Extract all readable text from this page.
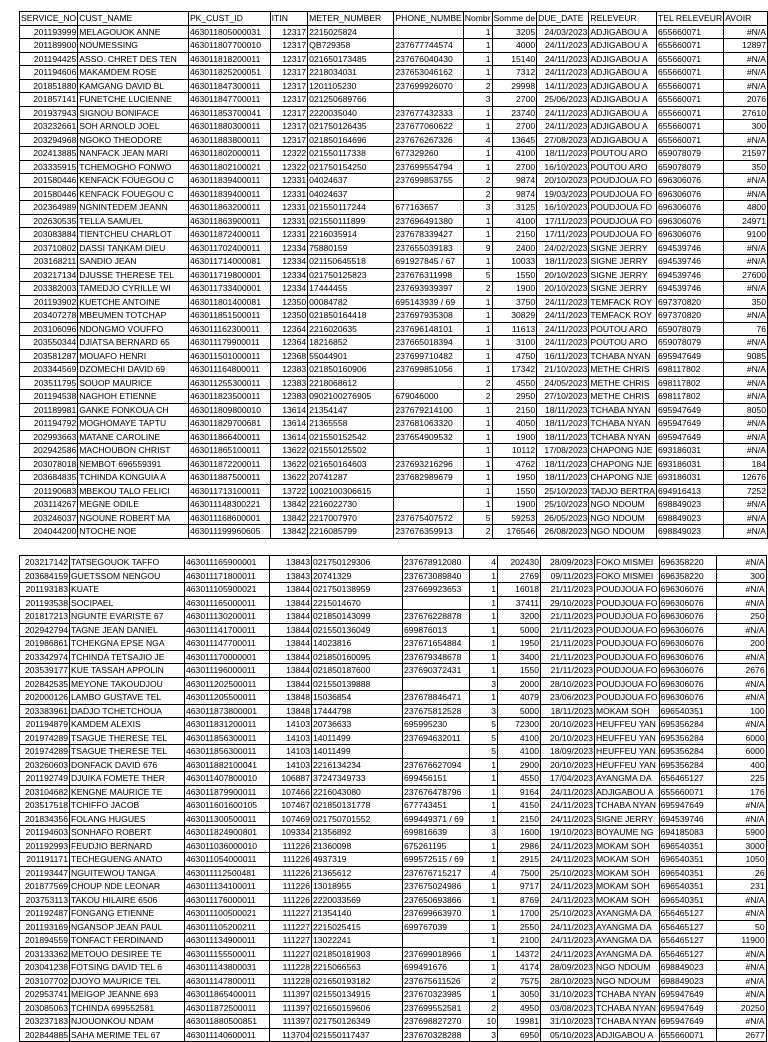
SERVICE_NO	CUST_NAME	PK_CUST_ID	ITIN	METER_NUMBER	PHONE_NUMBE	Nombr	Somme de	DUE_DATE	RELEVEUR	TEL RELEVEUR	AVOIR
201193999	MELAGOUOK ANNE	463011805000031	12317	2215025824		1	3205	24/03/2023	ADJIGABOU A	655660071	#N/A
201189900	NOUMESSING	463011807700010	12317	QB729358	237677744574	1	4000	24/11/2023	ADJIGABOU A	655660071	12897
201194425	ASSO. CHRET DES TEN	463011818200011	12317	021650173485	237676040430	1	15140	24/11/2023	ADJIGABOU A	655660071	#N/A
201194606	MAKAMDEM ROSE	463011825200051	12317	2218034031	237653046162	1	7312	24/11/2023	ADJIGABOU A	655660071	#N/A
201851880	KAMGANG DAVID BL	463011847300011	12317	1201105230	237699926070	2	29998	14/11/2023	ADJIGABOU A	655660071	#N/A
201857141	FUNETCHE LUCIENNE	463011847700011	12317	021250689766		3	2700	25/06/2023	ADJIGABOU A	655660071	2076
201937943	SIGNOU BONIFACE	463011853700041	12317	2220035040	237677432333	1	23740	24/11/2023	ADJIGABOU A	655660071	27610
203232661	SOH ARNOLD JOEL	463011880300011	12317	021750126435	237677060622	1	2700	24/11/2023	ADJIGABOU A	655660071	300
203294968	NGOKO THEODORE	463011883800011	12317	021850164696	237676267326	4	13645	27/08/2023	ADJIGABOU A	655660071	#N/A
202413885	NANFACK JEAN MARI	463011802000011	12322	021550117338	677329260	1	4100	18/11/2023	POUTOU ARO	659078079	21597
203335915	TCHEMOGHO FONWO	463011802100021	12322	021750154250	237699554794	1	2700	16/10/2023	POUTOU ARO	659078079	350
201580446	KENFACK FOUEGOU C	463011839400011	12331	04024637	237699853755	2	9874	20/10/2023	POUDJOUA FO	696306076	#N/A
201580446	KENFACK FOUEGOU C	463011839400011	12331	04024637		2	9874	19/03/2023	POUDJOUA FO	696306076	#N/A
202364989	NGNINTEDEM JEANN	463011863200011	12331	021550117244	677163657	3	3125	16/10/2023	POUDJOUA FO	696306076	4800
202630535	TELLA SAMUEL	463011863900011	12331	021550111899	237696491380	1	4100	17/11/2023	POUDJOUA FO	696306076	24971
203083884	TIENTCHEU CHARLOT	463011872400011	12331	2216035914	237678339427	1	2150	17/11/2023	POUDJOUA FO	696306076	9100
203710802	DASSI TANKAM DIEU	463011702400011	12334	75880159	237655039183	9	2400	24/02/2023	SIGNE JERRY	694539746	#N/A
203168211	SANDIO JEAN	463011714000081	12334	021150645518	691927845 / 67	1	10033	18/11/2023	SIGNE JERRY	694539746	#N/A
203217134	DJUSSE THERESE TEL	463011719800001	12334	021750125823	237676311998	5	1550	20/10/2023	SIGNE JERRY	694539746	27600
203382003	TAMEDJO CYRILLE WI	463011733400001	12334	17444455	237693939397	2	1900	20/10/2023	SIGNE JERRY	694539746	#N/A
201193902	KUETCHE ANTOINE	463011801400081	12350	00084782	695143939 / 69	1	3750	24/11/2023	TEMFACK ROY	697370820	350
203407278	MBEUMEN TOTCHAP	463011851500011	12350	021850164418	237697935308	1	30829	24/11/2023	TEMFACK ROY	697370820	#N/A
203106096	NDONGMO VOUFFO	463011162300011	12364	2216020635	237696148101	1	11613	24/11/2023	POUTOU ARO	659078079	76
203550344	DJIATSA BERNARD 65	463011179900011	12364	18216852	237665018394	1	3100	24/11/2023	POUTOU ARO	659078079	#N/A
203581287	MOUAFO HENRI	463011501000011	12368	55044901	237699710482	1	4750	16/11/2023	TCHABA NYAN	695947649	9085
203344569	DZOMECHI DAVID 69	463011164800011	12383	021850160906	237699851056	1	17342	21/10/2023	METHE CHRIS	698117802	#N/A
203511795	SOUOP MAURICE	463011255300011	12383	2218068612		2	4550	24/05/2023	METHE CHRIS	698117802	#N/A
201194538	NAGHOH ETIENNE	463011823500011	12383	0902100276905	679046000	2	2950	27/10/2023	METHE CHRIS	698117802	#N/A
201189981	GANKE FONKOUA CH	463011809800010	13614	21354147	237679214100	1	2150	18/11/2023	TCHABA NYAN	695947649	8050
201194792	MOGHOMAYE TAPTU	463011829700681	13614	21365558	237681063320	1	4050	18/11/2023	TCHABA NYAN	695947649	#N/A
202993663	MATANE CAROLINE	463011866400011	13614	021550152542	237654909532	1	1900	18/11/2023	TCHABA NYAN	695947649	#N/A
202942586	MACHOUBON CHRIST	463011865100011	13622	021550125502		1	10112	17/08/2023	CHAPONG NJE	693186031	#N/A
203078018	NEMBOT 696559391	463011872200011	13622	021650164603	237693216296	1	4762	18/11/2023	CHAPONG NJE	693186031	184
203684835	TCHINDA KONGUIA A	463011887500011	13622	20741287	237682989679	1	1950	18/11/2023	CHAPONG NJE	693186031	12676
201190683	MBEKOU TALO FELICI	463011713100011	13722	1002100306615		1	1550	25/10/2023	TADJO BERTRA	694916413	7252
203114267	MEGNE ODILE	463011148300221	13842	2216022730		1	1900	25/10/2023	NGO NDOUM	698849023	#N/A
203246037	NGOUNE ROBERT MA	463011168600001	13842	2217007970	237675407572	5	59253	26/05/2023	NGO NDOUM	698849023	#N/A
204044200	NTOCHE NOE	463011199960605	13842	2216085799	237676359913	2	176546	26/08/2023	NGO NDOUM	698849023	#N/A
203217142	TATSEGOUOK TAFFO	463011165900001	13843	021750129306	237678912080	4	202430	28/09/2023	FOKO MISMEI	696358220	#N/A
203684159	GUETSSOM NENGOU	463011171800011	13843	20741329	237673089840	1	2769	09/11/2023	FOKO MISMEI	696358220	300
201193183	KUATE	463011105900021	13844	021750138959	237669923653	1	16018	21/11/2023	POUDJOUA FO	696306076	#N/A
201193538	SOCIPAEL	463011165000011	13844	2215014670		1	37411	29/10/2023	POUDJOUA FO	696306076	#N/A
201817213	NGUNTE EVARISTE 67	463011130200011	13844	021850143099	237676228878	1	3200	21/11/2023	POUDJOUA FO	696306076	250
202942794	TAGNE JEAN DANIEL	463011141700011	13844	021550136049	699876013	1	5000	21/11/2023	POUDJOUA FO	696306076	#N/A
201986861	TCHEKGNA EPSE NGA	463011147700011	13844	14023816	237671654884	1	1950	21/11/2023	POUDJOUA FO	696306076	200
203342974	TCHINDA TETSAJIO JE	463011170000001	13844	021850160095	237679348678	1	3400	21/11/2023	POUDJOUA FO	696306076	#N/A
203539177	KUE TASSAH APPOLIN	463011196000011	13844	021850187600	237690372431	1	1550	21/11/2023	POUDJOUA FO	696306076	2676
202842535	MEYONE TAKOUDJOU	463011202500011	13844	021550139888		3	2000	28/10/2023	POUDJOUA FO	696306076	#N/A
202000126	LAMBO GUSTAVE TEL	463011205500011	13848	15036854	237678846471	1	4079	23/06/2023	POUDJOUA FO	696306076	#N/A
203383961	DADJO TCHETCHOUA	463011873800001	13848	17444798	237675812528	3	5000	18/11/2023	MOKAM SOH	696540351	100
201194879	KAMDEM ALEXIS	463011831200011	14103	20736633	695995230	5	72300	20/10/2023	HEUFFEU YAN	695356284	#N/A
201974289	TSAGUE THERESE TEL	463011856300011	14103	14011499	237694632011	5	4100	20/10/2023	HEUFFEU YAN	695356284	6000
201974289	TSAGUE THERESE TEL	463011856300011	14103	14011499		5	4100	18/09/2023	HEUFFEU YAN	695356284	6000
203260603	DONFACK DAVID 676	463011882100041	14103	2216134234	237676627094	1	2900	20/10/2023	HEUFFEU YAN	695356284	400
201192749	DJUIKA FOMETE THER	463011407800010	106887	37247349733	699456151	1	4550	17/04/2023	AYANGMA DA	656465127	225
203104682	KENGNE MAURICE TE	463011879900011	107466	2216043080	237676478796	1	9164	24/11/2023	ADJIGABOU A	655660071	176
203517518	TCHIFFO JACOB	463011601600105	107467	021850131778	677743451	1	4150	24/11/2023	TCHABA NYAN	695947649	#N/A
201834356	FOLANG HUGUES	463011300500011	107469	021750701552	699449371 / 69	1	2150	24/11/2023	SIGNE JERRY	694539746	#N/A
201194603	SONHAFO ROBERT	463011824900801	109334	21356892	699816639	3	1600	19/10/2023	BOYAUME NG	694185083	5900
201192993	FEUDJIO BERNARD	463011036000010	111226	21360098	675261195	1	2986	24/11/2023	MOKAM SOH	696540351	3000
201191171	TECHEGUENG ANATO	463011054000011	111226	4937319	699572515 / 69	1	2915	24/11/2023	MOKAM SOH	696540351	1050
201193447	NGUITEWOU TANGA	463011112500481	111226	21365612	237676715217	4	7500	25/10/2023	MOKAM SOH	696540351	26
201877569	CHOUP NDE LEONAR	463011134100011	111226	13018955	237675024986	1	9717	24/11/2023	MOKAM SOH	696540351	231
203753113	TAKOU HILAIRE 6506	463011176000011	111226	2220033569	237650693866	1	8769	24/11/2023	MOKAM SOH	696540351	#N/A
201192487	FONGANG ETIENNE	463011100500021	111227	21354140	237699663970	1	1700	25/10/2023	AYANGMA DA	656465127	#N/A
201193169	NGANSOP JEAN PAUL	463011105200211	111227	2215025415	699767039	1	2550	24/11/2023	AYANGMA DA	656465127	50
201894559	TONFACT FERDINAND	463011134900011	111227	13022241		1	2100	24/11/2023	AYANGMA DA	656465127	11900
203133362	METOUO DESIREE TE	463011155500011	111227	021850181903	237699018966	1	14372	24/11/2023	AYANGMA DA	656465127	#N/A
203041238	FOTSING DAVID TEL 6	463011143800031	111228	2215066563	699491676	1	4174	28/09/2023	NGO NDOUM	698849023	#N/A
203107702	DJOYO MAURICE TEL	463011147800011	111228	021650193182	237675611526	2	7575	28/10/2023	NGO NDOUM	698849023	#N/A
202953741	MEIGOP JEANNE 693	463011865400011	111397	021550134915	237670323985	1	3050	31/10/2023	TCHABA NYAN	695947649	#N/A
203085063	TCHINDA 699552581	463011872500011	111397	021650159606	237699552581	2	4950	03/08/2023	TCHABA NYAN	695947649	20250
203237183	NJOUONKOU NDAM	463011880500851	111397	021750126349	237698827270	10	19981	31/10/2023	TCHABA NYAN	695947649	#N/A
202844885	SAHA MERIME TEL 67	463011140600011	113704	021550117437	237670328288	3	6950	05/10/2023	ADJIGABOU A	655660071	2677
